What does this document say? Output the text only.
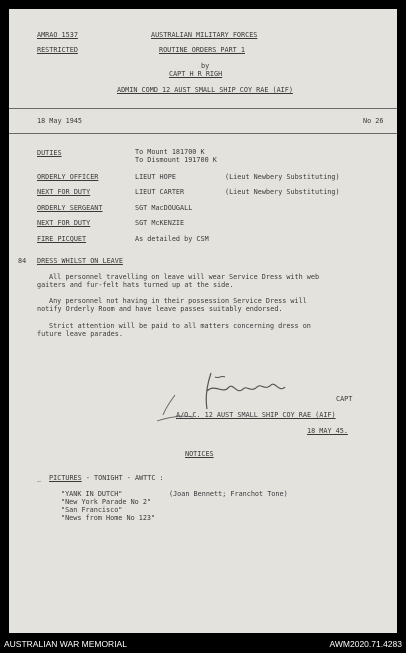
AMRAO 1537
RESTRICTED
AUSTRALIAN MILITARY FORCES
ROUTINE ORDERS PART 1
by
CAPT H R RIGH
ADMIN COMD 12 AUST SMALL SHIP COY RAE (AIF)
18 May 1945	No 26
DUTIES	To Mount 181700 K
To Dismount 191700 K
ORDERLY OFFICER	LIEUT HOPE	(Lieut Newbery Substituting)
NEXT FOR DUTY	LIEUT CARTER	(Lieut Newbery Substituting)
ORDERLY SERGEANT	SGT MacDOUGALL
NEXT FOR DUTY	SGT McKENZIE
FIRE PICQUET	As detailed by CSM
84 DRESS WHILST ON LEAVE
All personnel travelling on leave will wear Service Dress with web
gaiters and fur-felt hats turned up at the side.
Any personnel not having in their possession Service Dress will
notify Orderly Room and have leave passes suitably endorsed.
Strict attention will be paid to all matters concerning dress on
future leave parades.
CAPT
A/O.C. 12 AUST SMALL SHIP COY RAE (AIF)
18 MAY 45.
NOTICES
_ PICTURES - TONIGHT - AWTTC :
"YANK IN DUTCH"	(Joan Bennett; Franchot Tone)
"New York Parade No 2"
"San Francisco"
"News from Home No 123"
AUSTRALIAN WAR MEMORIAL	AWM2020.71.4283
